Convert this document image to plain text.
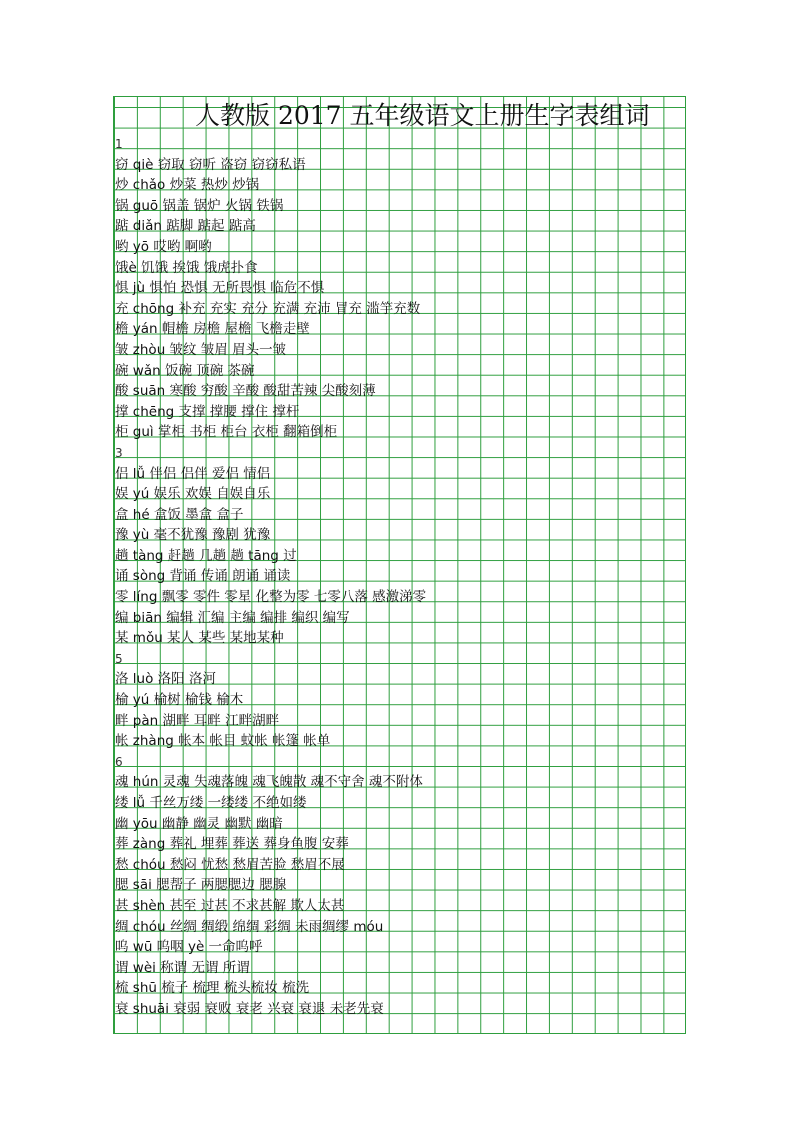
人教版 2017 五年级语文上册生字表组词
1
窃 qiè 窃取 窃听 盗窃 窃窃私语
炒 chǎo 炒菜 热炒 炒锅
锅 guō 锅盖 锅炉 火锅 铁锅
踮 diǎn 踮脚 踮起 踮高
哟 yō 哎哟 啊哟
饿è 饥饿 挨饿 饿虎扑食
惧 jù 惧怕 恐惧 无所畏惧 临危不惧
充 chōng 补充 充实 充分 充满 充沛 冒充 滥竽充数
檐 yán 帽檐 房檐 屋檐 飞檐走壁
皱 zhòu 皱纹 皱眉 眉头一皱
碗 wǎn 饭碗 顶碗 茶碗
酸 suān 寒酸 穷酸 辛酸 酸甜苦辣 尖酸刻薄
撑 chēng 支撑 撑腰 撑住 撑杆
柜 guì 掌柜 书柜 柜台 衣柜 翻箱倒柜
3
侣 lǚ 伴侣 侣伴 爱侣 情侣
娱 yú 娱乐 欢娱 自娱自乐
盒 hé 盒饭 墨盒 盒子
豫 yù 毫不犹豫 豫剧 犹豫
趟 tàng 赶趟 几趟 趟 tāng 过
诵 sòng 背诵 传诵 朗诵 诵读
零 líng 飘零 零件 零星 化整为零 七零八落 感激涕零
编 biān 编辑 汇编 主编 编排 编织 编写
某 mǒu 某人 某些 某地某种
5
洛 luò 洛阳 洛河
榆 yú 榆树 榆钱 榆木
畔 pàn 湖畔 耳畔 江畔湖畔
帐 zhàng 帐本 帐目 蚊帐 帐篷 帐单
6
魂 hún 灵魂 失魂落魄 魂飞魄散 魂不守舍 魂不附体
缕 lǚ 千丝万缕 一缕缕 不绝如缕
幽 yōu 幽静 幽灵 幽默 幽暗
葬 zàng 葬礼 埋葬 葬送 葬身鱼腹 安葬
愁 chóu 愁闷 忧愁 愁眉苦脸 愁眉不展
腮 sāi 腮帮子 两腮腮边 腮腺
甚 shèn 甚至 过甚 不求甚解 欺人太甚
绸 chóu 丝绸 绸缎 绵绸 彩绸 未雨绸缪 móu
呜 wū 呜咽 yè 一命呜呼
谓 wèi 称谓 无谓 所谓
梳 shū 梳子 梳理 梳头梳妆 梳洗
衰 shuāi 衰弱 衰败 衰老 兴衰 衰退 未老先衰
